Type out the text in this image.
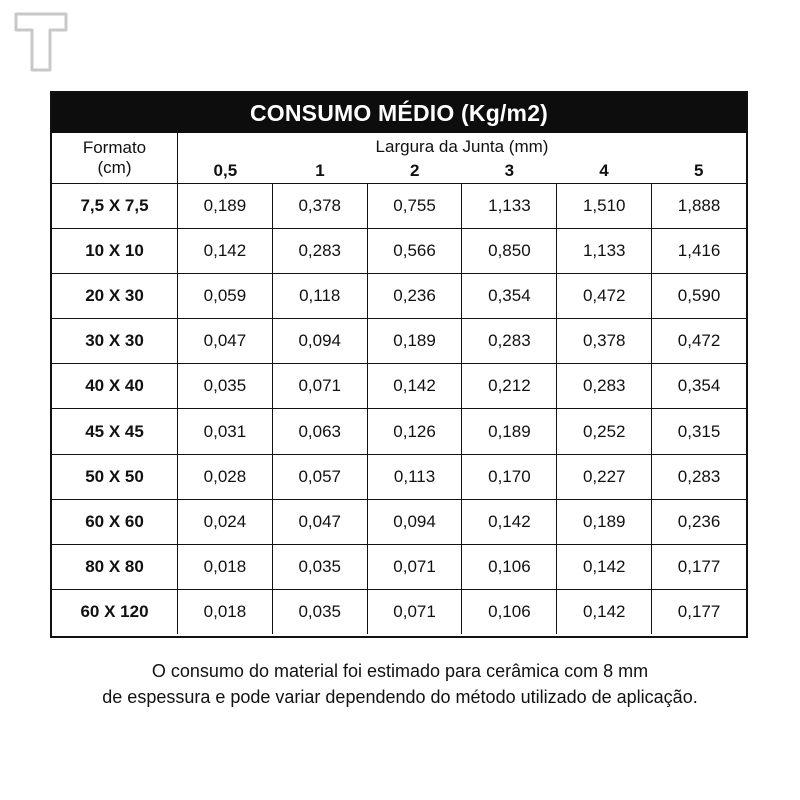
CONSUMO MÉDIO (Kg/m2)
Formato
(cm)
Largura da Junta (mm)
0,5	1	2	3	4	5
7,5 X 7,5	0,189	0,378	0,755	1,133	1,510	1,888
10 X 10	0,142	0,283	0,566	0,850	1,133	1,416
20 X 30	0,059	0,118	0,236	0,354	0,472	0,590
30 X 30	0,047	0,094	0,189	0,283	0,378	0,472
40 X 40	0,035	0,071	0,142	0,212	0,283	0,354
45 X 45	0,031	0,063	0,126	0,189	0,252	0,315
50 X 50	0,028	0,057	0,113	0,170	0,227	0,283
60 X 60	0,024	0,047	0,094	0,142	0,189	0,236
80 X 80	0,018	0,035	0,071	0,106	0,142	0,177
60 X 120	0,018	0,035	0,071	0,106	0,142	0,177
O consumo do material foi estimado para cerâmica com 8 mm
de espessura e pode variar dependendo do método utilizado de aplicação.
